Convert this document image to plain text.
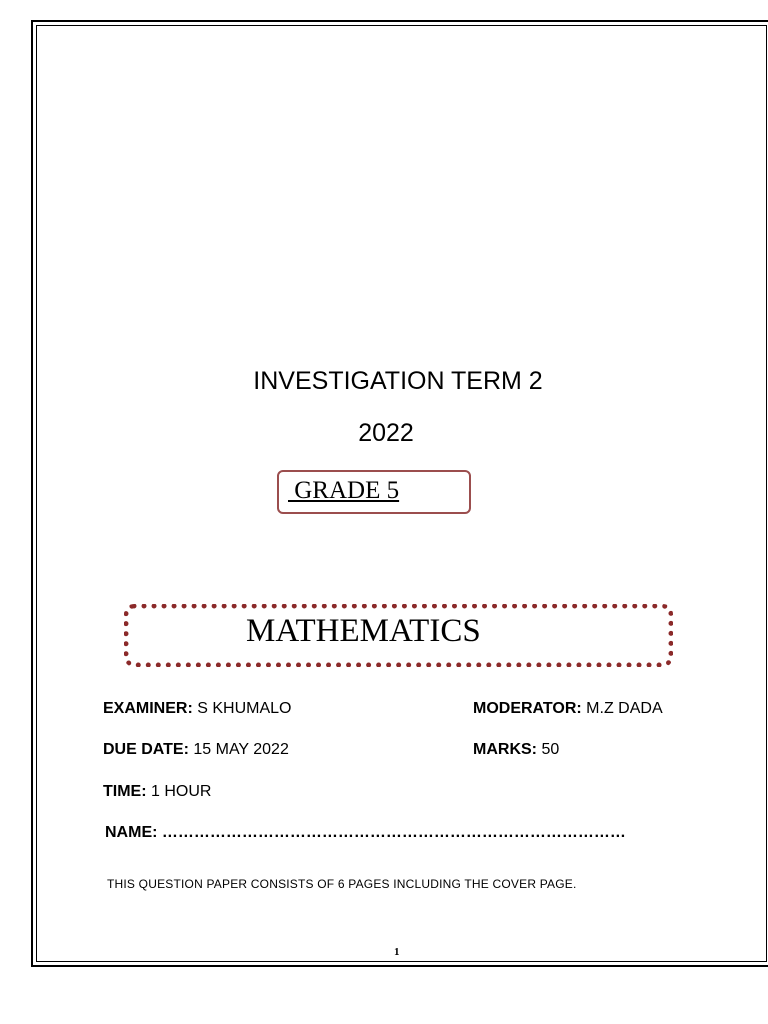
INVESTIGATION TERM 2
2022
GRADE 5
MATHEMATICS
EXAMINER: S KHUMALO	MODERATOR: M.Z DADA
DUE DATE: 15 MAY 2022	MARKS: 50
TIME: 1 HOUR
NAME: ……………………………………………………………………………
THIS QUESTION PAPER CONSISTS OF 6 PAGES INCLUDING THE COVER PAGE.
1
